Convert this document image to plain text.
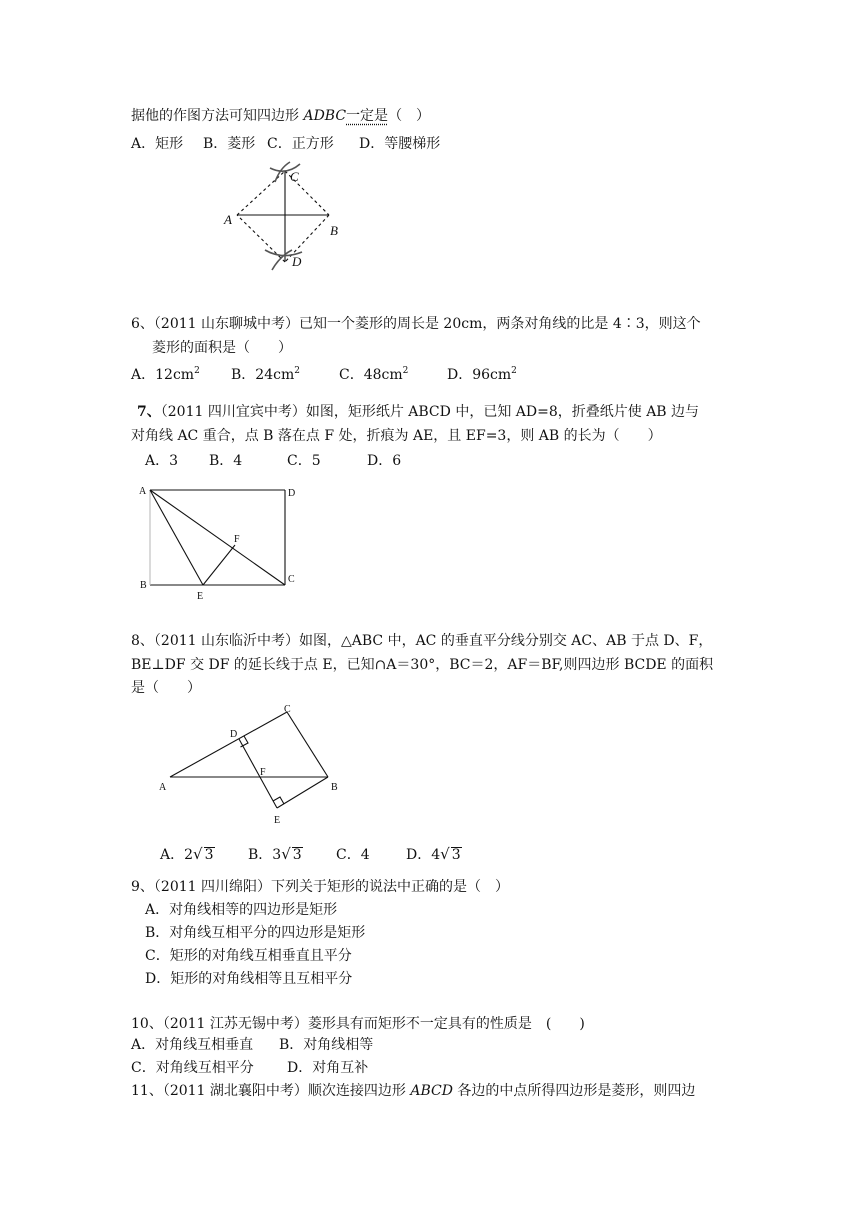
据他的作图方法可知四边形 ADBC一定是（　）
A．矩形 B．菱形 C．正方形 D．等腰梯形
A
B
C
D
6、（2011 山东聊城中考）已知一个菱形的周长是 20cm，两条对角线的比是 4∶3，则这个
菱形的面积是（　　）
A．$12cm^2$ B．$24cm^2$	C．$48cm^2$	D．$96cm^2$
7、（2011 四川宜宾中考）如图，矩形纸片 ABCD 中，已知 AD=8，折叠纸片使 AB 边与
对角线 AC 重合，点 B 落在点 F 处，折痕为 AE，且 EF=3，则 AB 的长为（　　）
A．3 B．4	C．5	D．6
A	D
B
C
E
F
8、（2011 山东临沂中考）如图，△ABC 中，AC 的垂直平分线分别交 AC、AB 于点 D、F，
BE⊥DF 交 DF 的延长线于点 E，已知∩A＝30°，BC＝2，AF＝BF,则四边形 BCDE 的面积
是（　　）
A	B
C
D
E
F
A．2√ 3 B．3√ 3 C．4	D．4√ 3
9、（2011 四川绵阳）下列关于矩形的说法中正确的是（　）
A．对角线相等的四边形是矩形
B．对角线互相平分的四边形是矩形
C．矩形的对角线互相垂直且平分
D．矩形的对角线相等且互相平分
10、（2011 江苏无锡中考）菱形具有而矩形不一定具有的性质是　(　　)
A．对角线互相垂直 B．对角线相等
C．对角线互相平分 D．对角互补
11、（2011 湖北襄阳中考）顺次连接四边形 ABCD 各边的中点所得四边形是菱形，则四边
